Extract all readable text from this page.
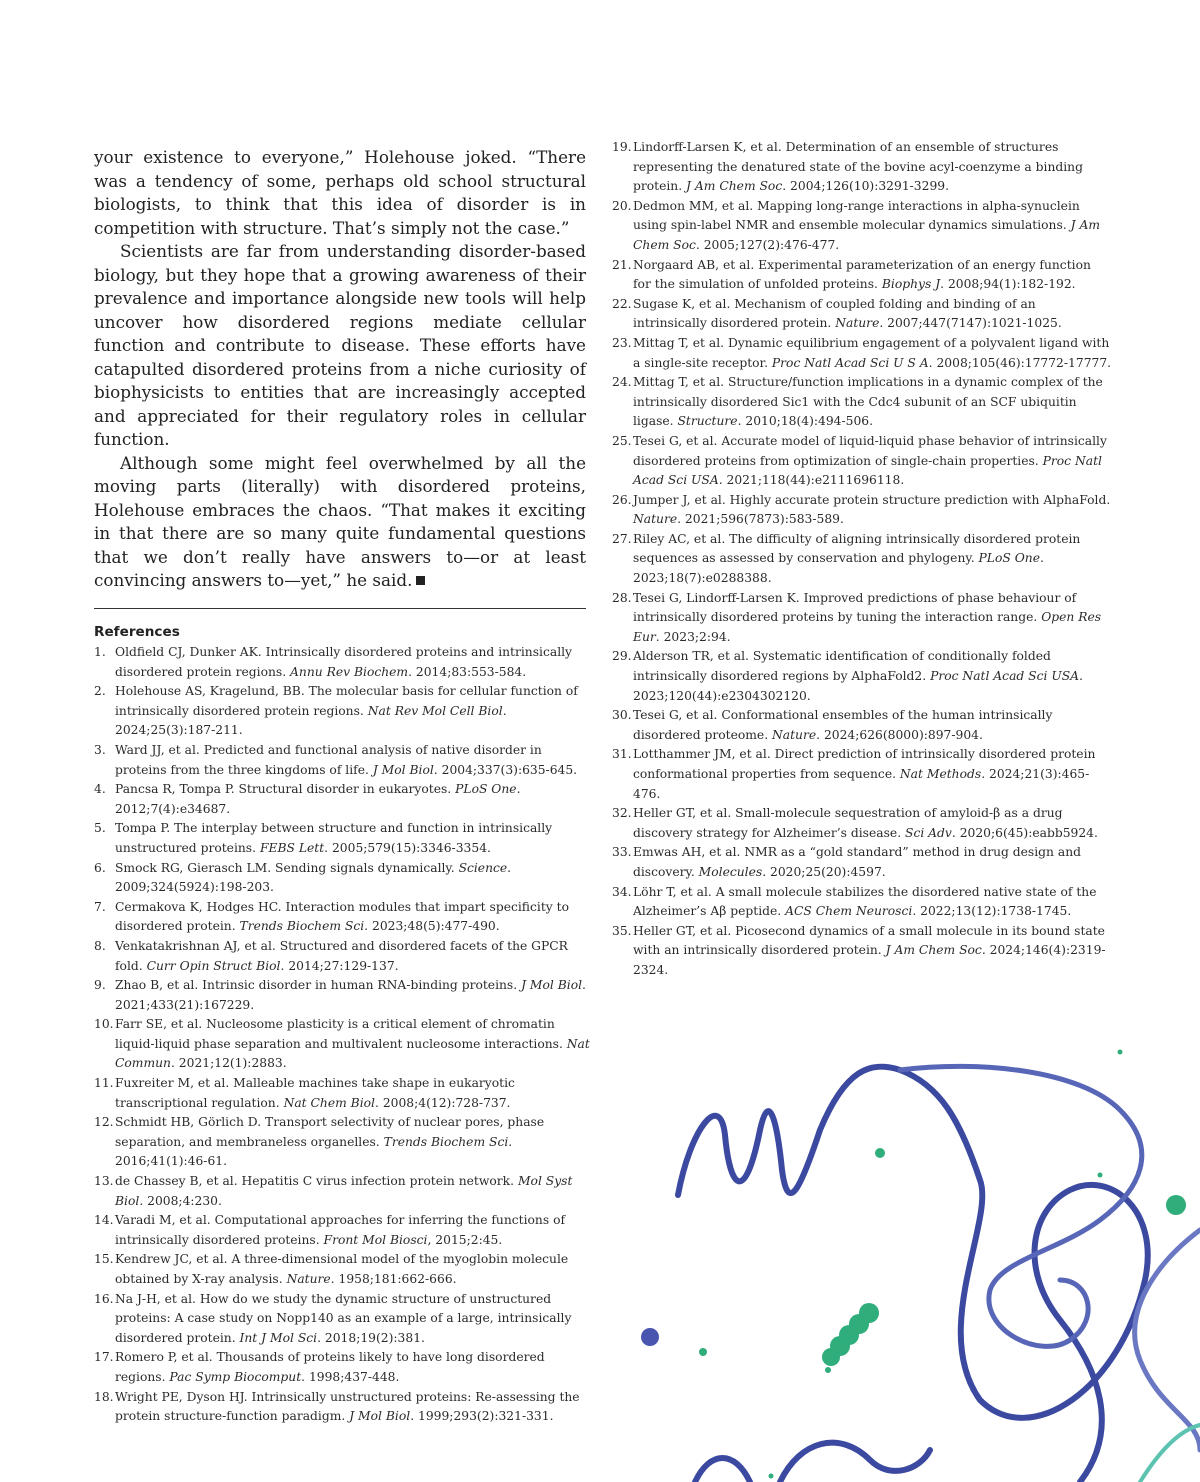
your existence to everyone,” Holehouse joked. “There was a tendency of some, perhaps old school structural biologists, to think that this idea of disorder is in competition with structure. That’s simply not the case.”

Scientists are far from understanding disorder-based biology, but they hope that a growing awareness of their prevalence and importance alongside new tools will help uncover how disordered regions mediate cellular function and contribute to disease. These efforts have catapulted disordered proteins from a niche curiosity of biophysicists to entities that are increasingly accepted and appreciated for their regulatory roles in cellular function.

Although some might feel overwhelmed by all the moving parts (literally) with disordered proteins, Holehouse embraces the chaos. “That makes it exciting in that there are so many quite fundamental questions that we don’t really have answers to—or at least convincing answers to—yet,” he said.

References
1. Oldfield CJ, Dunker AK. Intrinsically disordered proteins and intrinsically disordered protein regions. Annu Rev Biochem. 2014;83:553-584.
2. Holehouse AS, Kragelund, BB. The molecular basis for cellular function of intrinsically disordered protein regions. Nat Rev Mol Cell Biol. 2024;25(3):187-211.
3. Ward JJ, et al. Predicted and functional analysis of native disorder in proteins from the three kingdoms of life. J Mol Biol. 2004;337(3):635-645.
4. Pancsa R, Tompa P. Structural disorder in eukaryotes. PLoS One. 2012;7(4):e34687.
5. Tompa P. The interplay between structure and function in intrinsically unstructured proteins. FEBS Lett. 2005;579(15):3346-3354.
6. Smock RG, Gierasch LM. Sending signals dynamically. Science. 2009;324(5924):198-203.
7. Cermakova K, Hodges HC. Interaction modules that impart specificity to disordered protein. Trends Biochem Sci. 2023;48(5):477-490.
8. Venkatakrishnan AJ, et al. Structured and disordered facets of the GPCR fold. Curr Opin Struct Biol. 2014;27:129-137.
9. Zhao B, et al. Intrinsic disorder in human RNA-binding proteins. J Mol Biol. 2021;433(21):167229.
10. Farr SE, et al. Nucleosome plasticity is a critical element of chromatin liquid-liquid phase separation and multivalent nucleosome interactions. Nat Commun. 2021;12(1):2883.
11. Fuxreiter M, et al. Malleable machines take shape in eukaryotic transcriptional regulation. Nat Chem Biol. 2008;4(12):728-737.
12. Schmidt HB, Görlich D. Transport selectivity of nuclear pores, phase separation, and membraneless organelles. Trends Biochem Sci. 2016;41(1):46-61.
13. de Chassey B, et al. Hepatitis C virus infection protein network. Mol Syst Biol. 2008;4:230.
14. Varadi M, et al. Computational approaches for inferring the functions of intrinsically disordered proteins. Front Mol Biosci, 2015;2:45.
15. Kendrew JC, et al. A three-dimensional model of the myoglobin molecule obtained by X-ray analysis. Nature. 1958;181:662-666.
16. Na J-H, et al. How do we study the dynamic structure of unstructured proteins: A case study on Nopp140 as an example of a large, intrinsically disordered protein. Int J Mol Sci. 2018;19(2):381.
17. Romero P, et al. Thousands of proteins likely to have long disordered regions. Pac Symp Biocomput. 1998;437-448.
18. Wright PE, Dyson HJ. Intrinsically unstructured proteins: Re-assessing the protein structure-function paradigm. J Mol Biol. 1999;293(2):321-331.
19. Lindorff-Larsen K, et al. Determination of an ensemble of structures representing the denatured state of the bovine acyl-coenzyme a binding protein. J Am Chem Soc. 2004;126(10):3291-3299.
20. Dedmon MM, et al. Mapping long-range interactions in alpha-synuclein using spin-label NMR and ensemble molecular dynamics simulations. J Am Chem Soc. 2005;127(2):476-477.
21. Norgaard AB, et al. Experimental parameterization of an energy function for the simulation of unfolded proteins. Biophys J. 2008;94(1):182-192.
22. Sugase K, et al. Mechanism of coupled folding and binding of an intrinsically disordered protein. Nature. 2007;447(7147):1021-1025.
23. Mittag T, et al. Dynamic equilibrium engagement of a polyvalent ligand with a single-site receptor. Proc Natl Acad Sci U S A. 2008;105(46):17772-17777.
24. Mittag T, et al. Structure/function implications in a dynamic complex of the intrinsically disordered Sic1 with the Cdc4 subunit of an SCF ubiquitin ligase. Structure. 2010;18(4):494-506.
25. Tesei G, et al. Accurate model of liquid-liquid phase behavior of intrinsically disordered proteins from optimization of single-chain properties. Proc Natl Acad Sci USA. 2021;118(44):e2111696118.
26. Jumper J, et al. Highly accurate protein structure prediction with AlphaFold. Nature. 2021;596(7873):583-589.
27. Riley AC, et al. The difficulty of aligning intrinsically disordered protein sequences as assessed by conservation and phylogeny. PLoS One. 2023;18(7):e0288388.
28. Tesei G, Lindorff-Larsen K. Improved predictions of phase behaviour of intrinsically disordered proteins by tuning the interaction range. Open Res Eur. 2023;2:94.
29. Alderson TR, et al. Systematic identification of conditionally folded intrinsically disordered regions by AlphaFold2. Proc Natl Acad Sci USA. 2023;120(44):e2304302120.
30. Tesei G, et al. Conformational ensembles of the human intrinsically disordered proteome. Nature. 2024;626(8000):897-904.
31. Lotthammer JM, et al. Direct prediction of intrinsically disordered protein conformational properties from sequence. Nat Methods. 2024;21(3):465-476.
32. Heller GT, et al. Small-molecule sequestration of amyloid-β as a drug discovery strategy for Alzheimer’s disease. Sci Adv. 2020;6(45):eabb5924.
33. Emwas AH, et al. NMR as a “gold standard” method in drug design and discovery. Molecules. 2020;25(20):4597.
34. Löhr T, et al. A small molecule stabilizes the disordered native state of the Alzheimer’s Aβ peptide. ACS Chem Neurosci. 2022;13(12):1738-1745.
35. Heller GT, et al. Picosecond dynamics of a small molecule in its bound state with an intrinsically disordered protein. J Am Chem Soc. 2024;146(4):2319-2324.
